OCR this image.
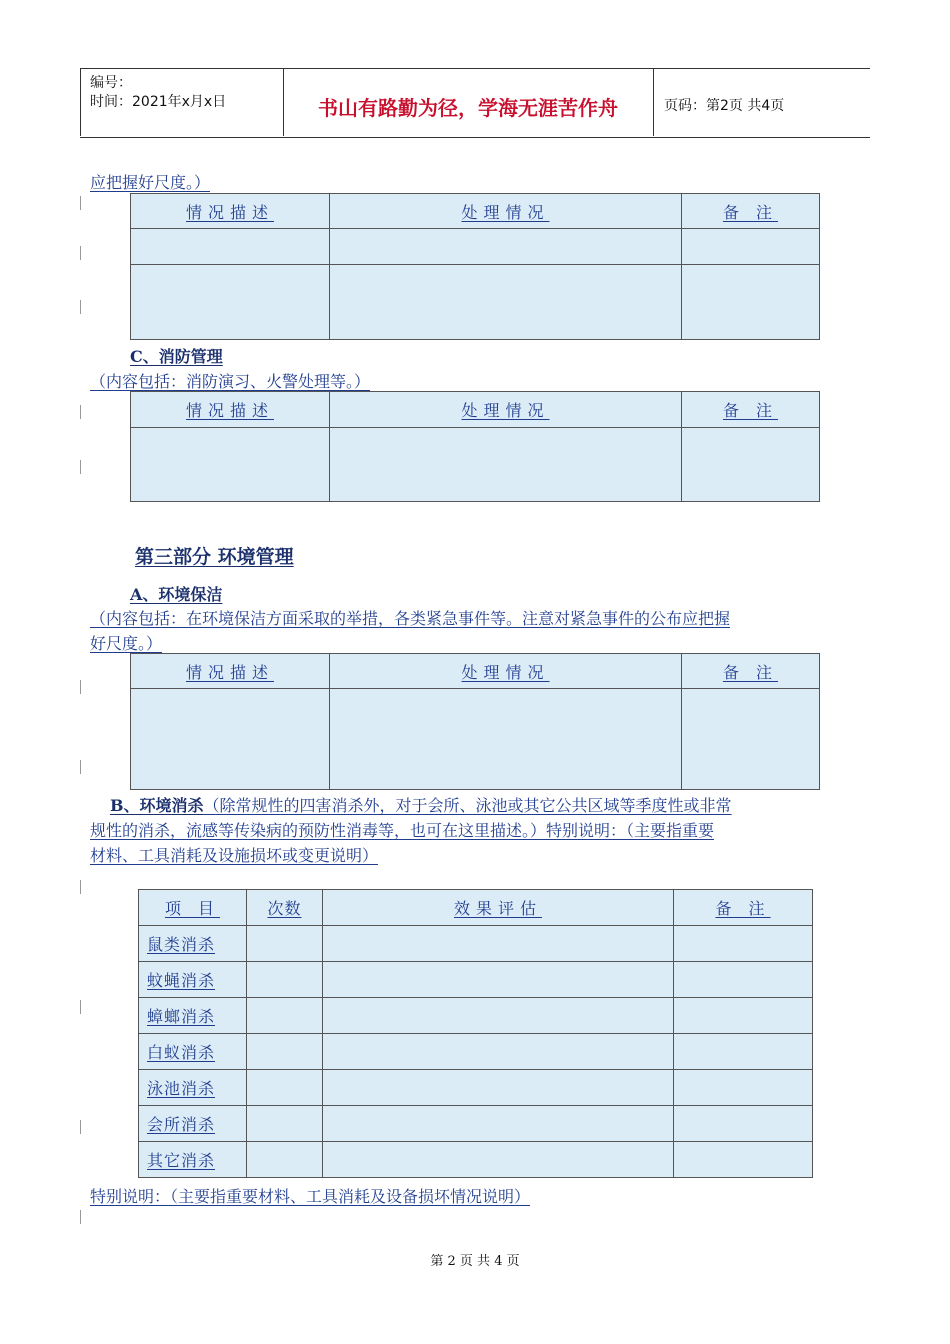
编号：
时间：2021年x月x日	书山有路勤为径，学海无涯苦作舟	页码：第2页 共4页
应把握好尺度。）
情况描述	处理情况	备 注

C、消防管理
（内容包括：消防演习、火警处理等。）
情况描述	处理情况	备 注

第三部分 环境管理
A、环境保洁
（内容包括：在环境保洁方面采取的举措，各类紧急事件等。注意对紧急事件的公布应把握
好尺度。）
情况描述	处理情况	备 注

B、环境消杀（除常规性的四害消杀外，对于会所、泳池或其它公共区域等季度性或非常
规性的消杀，流感等传染病的预防性消毒等，也可在这里描述。）特别说明：（主要指重要
材料、工具消耗及设施损坏或变更说明）
项 目	次数	效果评估	备 注
鼠类消杀			
蚊蝇消杀			
蟑螂消杀			
白蚁消杀			
泳池消杀			
会所消杀			
其它消杀			
特别说明：（主要指重要材料、工具消耗及设备损坏情况说明）
第 2 页 共 4 页
